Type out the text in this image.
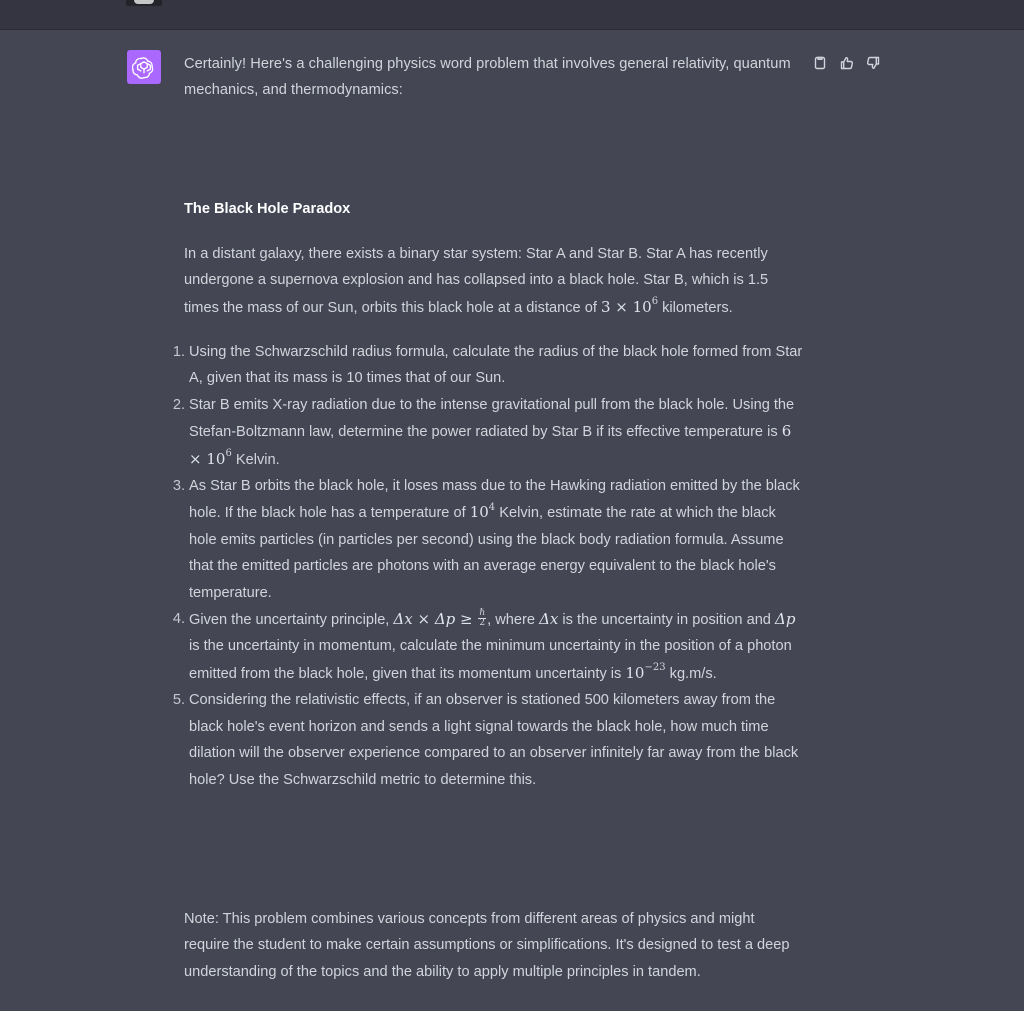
Certainly! Here's a challenging physics word problem that involves general relativity, quantum mechanics, and thermodynamics:

The Black Hole Paradox
In a distant galaxy, there exists a binary star system: Star A and Star B. Star A has recently undergone a supernova explosion and has collapsed into a black hole. Star B, which is 1.5 times the mass of our Sun, orbits this black hole at a distance of $3 \times 10^6$ kilometers.
1. Using the Schwarzschild radius formula, calculate the radius of the black hole formed from Star A, given that its mass is 10 times that of our Sun.
2. Star B emits X-ray radiation due to the intense gravitational pull from the black hole. Using the Stefan-Boltzmann law, determine the power radiated by Star B if its effective temperature is $6 \times 10^6$ Kelvin.
3. As Star B orbits the black hole, it loses mass due to the Hawking radiation emitted by the black hole. If the black hole has a temperature of $10^4$ Kelvin, estimate the rate at which the black hole emits particles (in particles per second) using the black body radiation formula. Assume that the emitted particles are photons with an average energy equivalent to the black hole's temperature.
4. Given the uncertainty principle, $\Delta x \times \Delta p \ge \frac{\text{ℏ}}{2}$ , where Δx is the uncertainty in position and Δp is the uncertainty in momentum, calculate the minimum uncertainty in the position of a photon emitted from the black hole, given that its momentum uncertainty is $10^{-23}$ kg.m/s.
5. Considering the relativistic effects, if an observer is stationed 500 kilometers away from the black hole's event horizon and sends a light signal towards the black hole, how much time dilation will the observer experience compared to an observer infinitely far away from the black hole? Use the Schwarzschild metric to determine this.
Note: This problem combines various concepts from different areas of physics and might require the student to make certain assumptions or simplifications. It's designed to test a deep understanding of the topics and the ability to apply multiple principles in tandem.
